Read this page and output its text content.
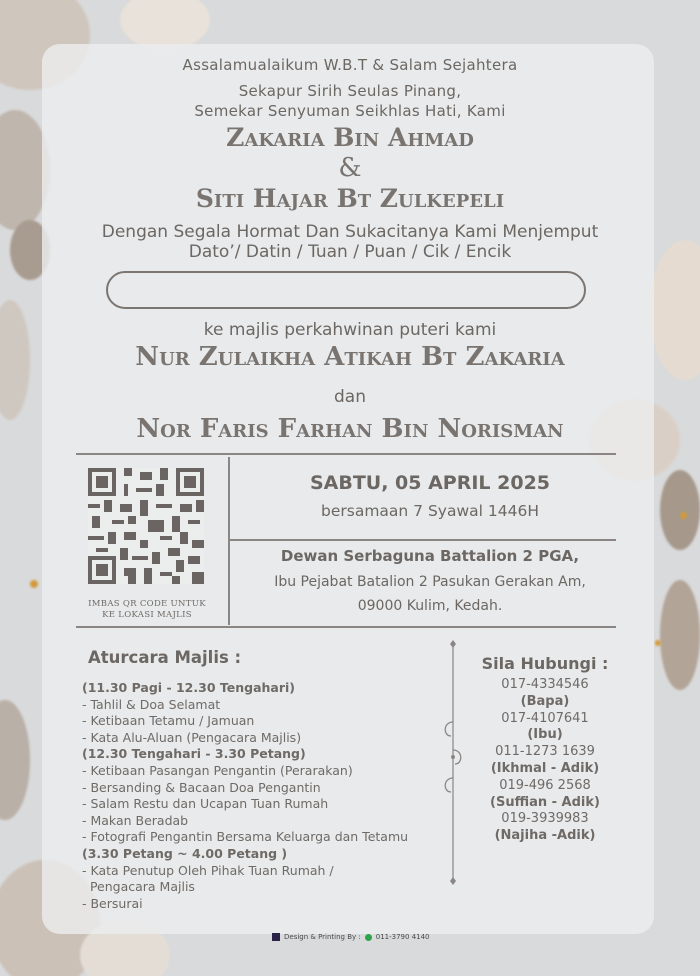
Assalamualaikum W.B.T & Salam Sejahtera
Sekapur Sirih Seulas Pinang,
Semekar Senyuman Seikhlas Hati, Kami
Zakaria Bin Ahmad
&
Siti Hajar Bt Zulkepeli
Dengan Segala Hormat Dan Sukacitanya Kami Menjemput
Dato’/ Datin / Tuan / Puan / Cik / Encik
ke majlis perkahwinan puteri kami
Nur Zulaikha Atikah Bt Zakaria
dan
Nor Faris Farhan Bin Norisman
IMBAS QR CODE UNTUK
KE LOKASI MAJLIS
SABTU, 05 APRIL 2025
bersamaan 7 Syawal 1446H
Dewan Serbaguna Battalion 2 PGA,
Ibu Pejabat Batalion 2 Pasukan Gerakan Am,
09000 Kulim, Kedah.
Aturcara Majlis :
(11.30 Pagi - 12.30 Tengahari)
- Tahlil & Doa Selamat
- Ketibaan Tetamu / Jamuan
- Kata Alu-Aluan (Pengacara Majlis)
(12.30 Tengahari - 3.30 Petang)
- Ketibaan Pasangan Pengantin (Perarakan)
- Bersanding & Bacaan Doa Pengantin
- Salam Restu dan Ucapan Tuan Rumah
- Makan Beradab
- Fotografi Pengantin Bersama Keluarga dan Tetamu
(3.30 Petang ~ 4.00 Petang )
- Kata Penutup Oleh Pihak Tuan Rumah /
Pengacara Majlis
- Bersurai
Sila Hubungi :
017-4334546
(Bapa)
017-4107641
(Ibu)
011-1273 1639
(Ikhmal - Adik)
019-496 2568
(Suffian - Adik)
019-3939983
(Najiha -Adik)
Design & Printing By : 011-3790 4140
